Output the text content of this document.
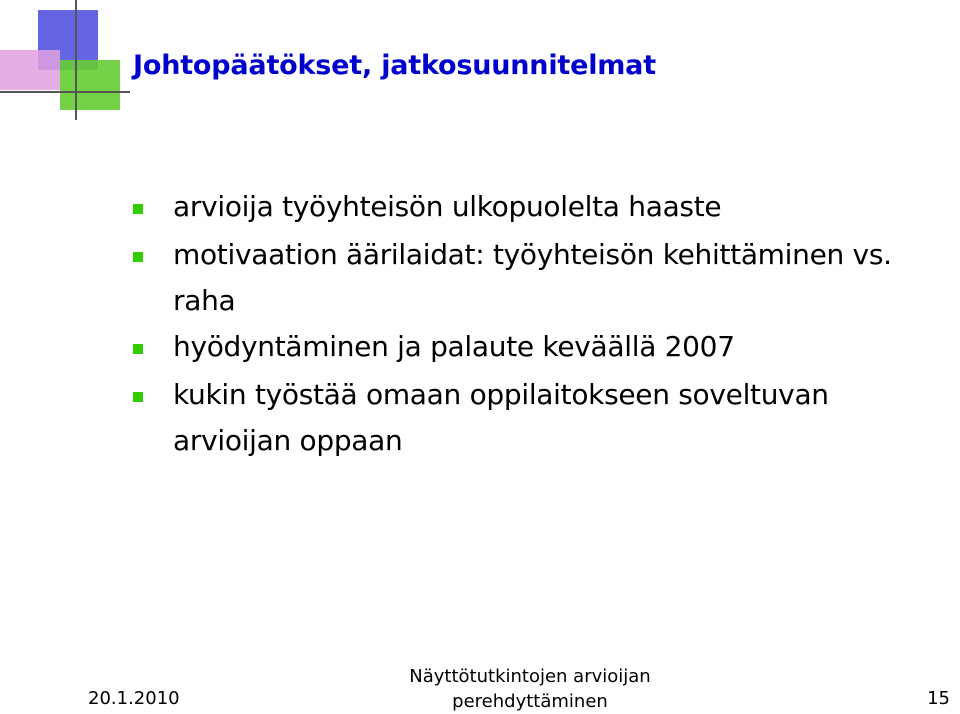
Johtopäätökset, jatkosuunnitelmat
arvioija työyhteisön ulkopuolelta haaste
motivaation äärilaidat: työyhteisön kehittäminen vs. raha
hyödyntäminen ja palaute keväällä 2007
kukin työstää omaan oppilaitokseen soveltuvan arvioijan oppaan
20.1.2010
Näyttötutkintojen arvioijan
perehdyttäminen	15
